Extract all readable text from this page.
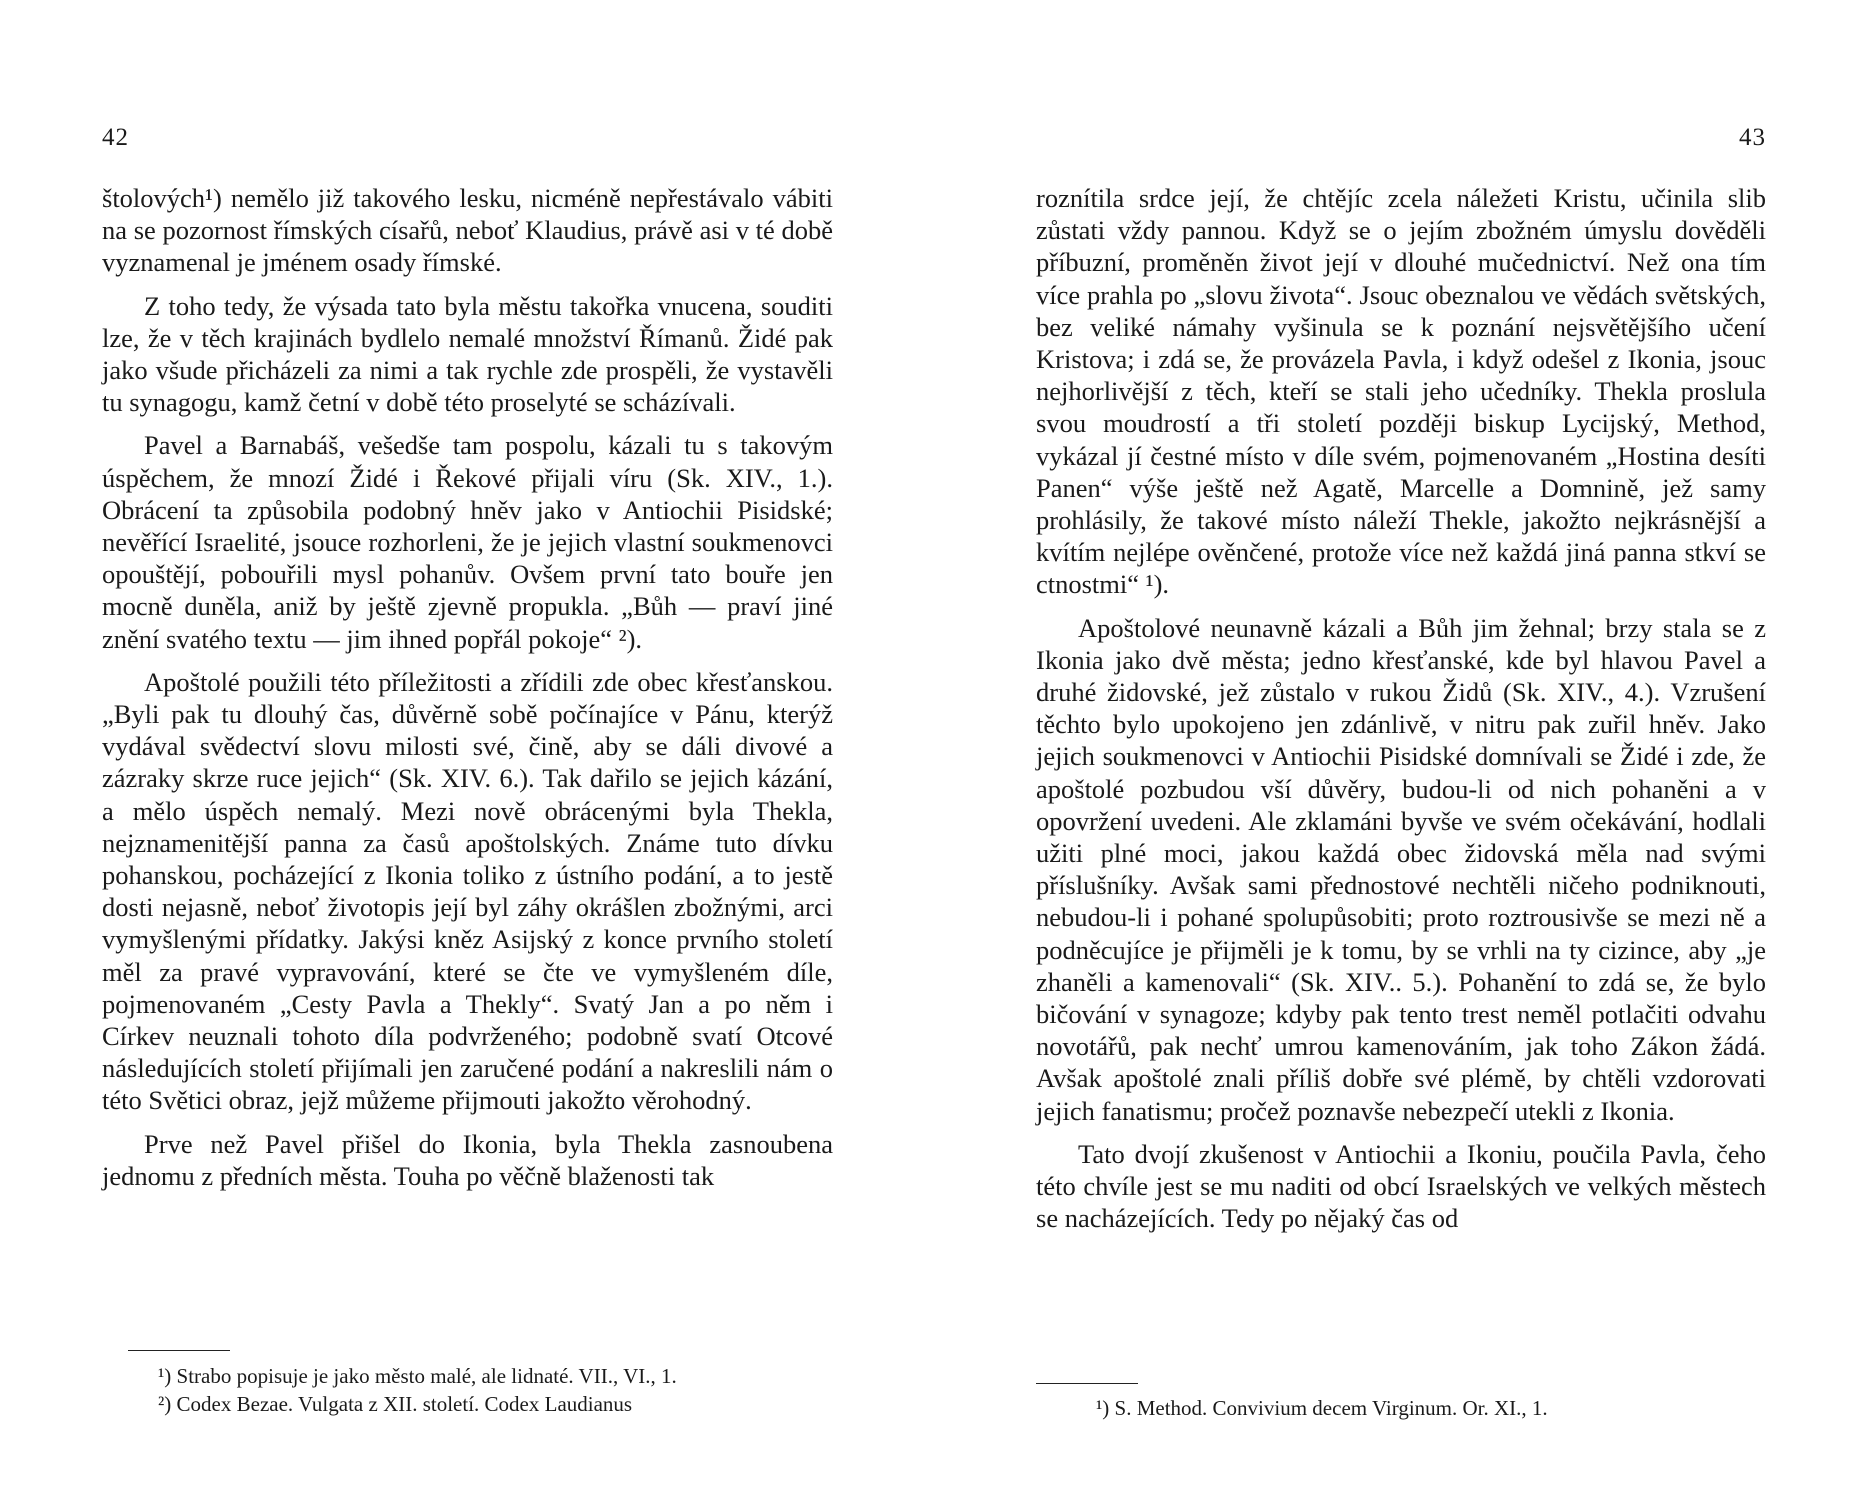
42

štolových¹) nemělo již takového lesku, nicméně nepřestávalo vábiti na se pozornost římských císařů, neboť Klaudius, právě asi v té době vyznamenal je jménem osady římské.

Z toho tedy, že výsada tato byla městu takořka vnucena, souditi lze, že v těch krajinách bydlelo nemalé množství Římanů. Židé pak jako všude přicházeli za nimi a tak rychle zde prospěli, že vystavěli tu synagogu, kamž četní v době této proselyté se scházívali.

Pavel a Barnabáš, vešedše tam pospolu, kázali tu s takovým úspěchem, že mnozí Židé i Řekové přijali víru (Sk. XIV., 1.). Obrácení ta způsobila podobný hněv jako v Antiochii Pisidské; nevěřící Israelité, jsouce rozhorleni, že je jejich vlastní soukmenovci opouštějí, pobouřili mysl pohanův. Ovšem první tato bouře jen mocně duněla, aniž by ještě zjevně propukla. „Bůh — praví jiné znění svatého textu — jim ihned popřál pokoje“ ²).

Apoštolé použili této příležitosti a zřídili zde obec křesťanskou. „Byli pak tu dlouhý čas, důvěrně sobě počínajíce v Pánu, kterýž vydával svědectví slovu milosti své, čině, aby se dáli divové a zázraky skrze ruce jejich“ (Sk. XIV. 6.). Tak dařilo se jejich kázání, a mělo úspěch nemalý. Mezi nově obrácenými byla Thekla, nejznamenitější panna za časů apoštolských. Známe tuto dívku pohanskou, pocházející z Ikonia toliko z ústního podání, a to jestě dosti nejasně, neboť životopis její byl záhy okrášlen zbožnými, arci vymyšlenými přídatky. Jakýsi kněz Asijský z konce prvního století měl za pravé vypravování, které se čte ve vymyšleném díle, pojmenovaném „Cesty Pavla a Thekly“. Svatý Jan a po něm i Církev neuznali tohoto díla podvrženého; podobně svatí Otcové následujících století přijímali jen zaručené podání a nakreslili nám o této Světici obraz, jejž můžeme přijmouti jakožto věrohodný.

Prve než Pavel přišel do Ikonia, byla Thekla zasnoubena jednomu z předních města. Touha po věčně blaženosti tak

¹) Strabo popisuje je jako město malé, ale lidnaté. VII., VI., 1.
²) Codex Bezae. Vulgata z XII. století. Codex Laudianus
43

roznítila srdce její, že chtějíc zcela náležeti Kristu, učinila slib zůstati vždy pannou. Když se o jejím zbožném úmyslu dověděli příbuzní, proměněn život její v dlouhé mučednictví. Než ona tím více prahla po „slovu života“. Jsouc obeznalou ve vědách světských, bez veliké námahy vyšinula se k poznání nejsvětějšího učení Kristova; i zdá se, že provázela Pavla, i když odešel z Ikonia, jsouc nejhorlivější z těch, kteří se stali jeho učedníky. Thekla proslula svou moudrostí a tři století později biskup Lycijský, Method, vykázal jí čestné místo v díle svém, pojmenovaném „Hostina desíti Panen“ výše ještě než Agatě, Marcelle a Domnině, jež samy prohlásily, že takové místo náleží Thekle, jakožto nejkrásnější a kvítím nejlépe ověnčené, protože více než každá jiná panna stkví se ctnostmi“ ¹).

Apoštolové neunavně kázali a Bůh jim žehnal; brzy stala se z Ikonia jako dvě města; jedno křesťanské, kde byl hlavou Pavel a druhé židovské, jež zůstalo v rukou Židů (Sk. XIV., 4.). Vzrušení těchto bylo upokojeno jen zdánlivě, v nitru pak zuřil hněv. Jako jejich soukmenovci v Antiochii Pisidské domnívali se Židé i zde, že apoštolé pozbudou vší důvěry, budou-li od nich pohaněni a v opovržení uvedeni. Ale zklamáni byvše ve svém očekávání, hodlali užiti plné moci, jakou každá obec židovská měla nad svými příslušníky. Avšak sami přednostové nechtěli ničeho podniknouti, nebudou-li i pohané spolupůsobiti; proto roztrousivše se mezi ně a podněcujíce je přijměli je k tomu, by se vrhli na ty cizince, aby „je zhaněli a kamenovali“ (Sk. XIV.. 5.). Pohanění to zdá se, že bylo bičování v synagoze; kdyby pak tento trest neměl potlačiti odvahu novotářů, pak nechť umrou kamenováním, jak toho Zákon žádá. Avšak apoštolé znali příliš dobře své plémě, by chtěli vzdorovati jejich fanatismu; pročež poznavše nebezpečí utekli z Ikonia.

Tato dvojí zkušenost v Antiochii a Ikoniu, poučila Pavla, čeho této chvíle jest se mu naditi od obcí Israelských ve velkých městech se nacházejících. Tedy po nějaký čas od

¹) S. Method. Convivium decem Virginum. Or. XI., 1.
